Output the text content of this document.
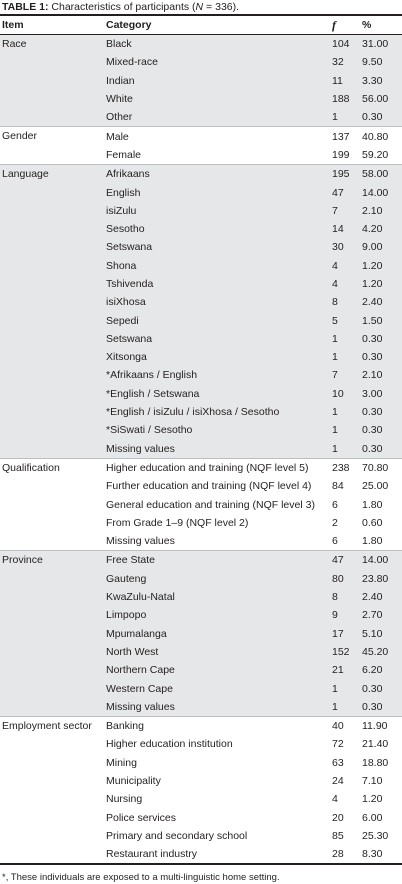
TABLE 1: Characteristics of participants (N = 336).
Item	Category	f	%
Race	Black	104	31.00
	Mixed-race	32	9.50
	Indian	11	3.30
	White	188	56.00
	Other	1	0.30
Gender	Male	137	40.80
	Female	199	59.20
Language	Afrikaans	195	58.00
	English	47	14.00
	isiZulu	7	2.10
	Sesotho	14	4.20
	Setswana	30	9.00
	Shona	4	1.20
	Tshivenda	4	1.20
	isiXhosa	8	2.40
	Sepedi	5	1.50
	Setswana	1	0.30
	Xitsonga	1	0.30
	*Afrikaans / English	7	2.10
	*English / Setswana	10	3.00
	*English / isiZulu / isiXhosa / Sesotho	1	0.30
	*SiSwati / Sesotho	1	0.30
	Missing values	1	0.30
Qualification	Higher education and training (NQF level 5)	238	70.80
	Further education and training (NQF level 4)	84	25.00
	General education and training (NQF level 3)	6	1.80
	From Grade 1–9 (NQF level 2)	2	0.60
	Missing values	6	1.80
Province	Free State	47	14.00
	Gauteng	80	23.80
	KwaZulu-Natal	8	2.40
	Limpopo	9	2.70
	Mpumalanga	17	5.10
	North West	152	45.20
	Northern Cape	21	6.20
	Western Cape	1	0.30
	Missing values	1	0.30
Employment sector	Banking	40	11.90
	Higher education institution	72	21.40
	Mining	63	18.80
	Municipality	24	7.10
	Nursing	4	1.20
	Police services	20	6.00
	Primary and secondary school	85	25.30
	Restaurant industry	28	8.30
*, These individuals are exposed to a multi-linguistic home setting.
